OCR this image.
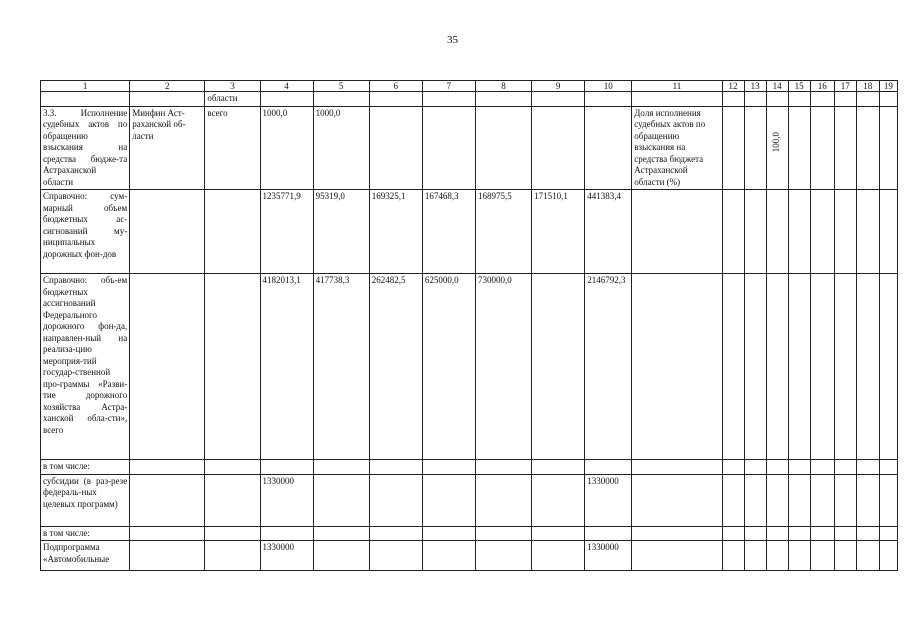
35
1	2	3	4	5	6	7	8	9	10	11	12	13	14	15	16	17	18	19
		области																
3.3. Исполнение судебных актов по обращению взыскания на средства бюдже-та Астраханской области	Минфин Аст-раханской об-ласти	всего	1000,0	1000,0						Доля исполнения судебных актов по обращению взыскания на средства бюджета Астраханской области (%)			100,0					
Справочно: сум-марный объем бюджетных ас-сигнований му-ниципальных дорожных фон-дов			1235771,9	95319,0	169325,1	167468,3	168975,5	171510,1	441383,4									
Справочно: объ-ем бюджетных ассигнований Федерального дорожного фон-да, направлен-ный на реализа-цию мероприя-тий государ-ственной про-граммы «Разви-тие дорожного хозяйства Астра-ханской обла-сти», всего			4182013,1	417738,3	262482,5	625000,0	730000,0		2146792,3									
в том числе:																		
субсидии (в раз-резе федераль-ных целевых программ)			1330000						1330000									
в том числе:																		
Подпрограмма «Автомобильные			1330000						1330000									
